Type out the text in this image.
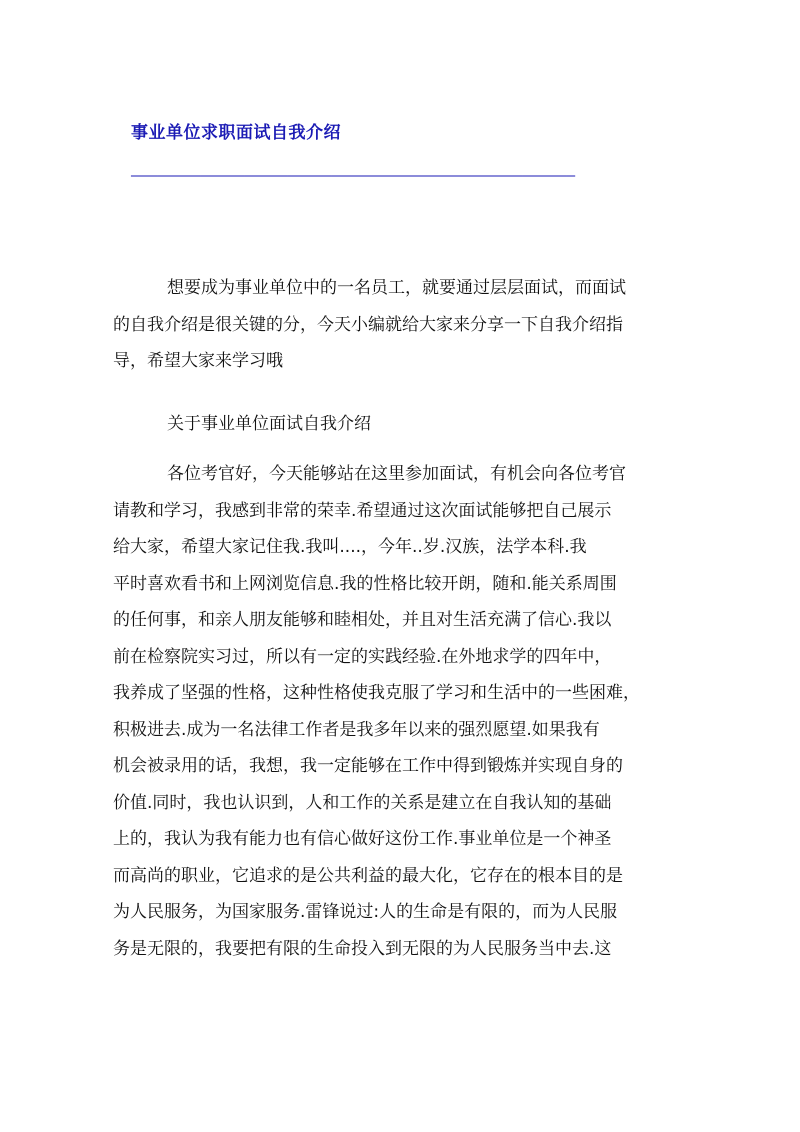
事业单位求职面试自我介绍
———————————————————————————————————————————————————
想要成为事业单位中的一名员工，就要通过层层面试，而面试
的自我介绍是很关键的分，今天小编就给大家来分享一下自我介绍指
导，希望大家来学习哦
关于事业单位面试自我介绍
各位考官好，今天能够站在这里参加面试，有机会向各位考官
请教和学习，我感到非常的荣幸.希望通过这次面试能够把自己展示
给大家，希望大家记住我.我叫....，今年..岁.汉族，法学本科.我
平时喜欢看书和上网浏览信息.我的性格比较开朗，随和.能关系周围
的任何事，和亲人朋友能够和睦相处，并且对生活充满了信心.我以
前在检察院实习过，所以有一定的实践经验.在外地求学的四年中，
我养成了坚强的性格，这种性格使我克服了学习和生活中的一些困难，
积极进去.成为一名法律工作者是我多年以来的强烈愿望.如果我有
机会被录用的话，我想，我一定能够在工作中得到锻炼并实现自身的
价值.同时，我也认识到，人和工作的关系是建立在自我认知的基础
上的，我认为我有能力也有信心做好这份工作.事业单位是一个神圣
而高尚的职业，它追求的是公共利益的最大化，它存在的根本目的是
为人民服务，为国家服务.雷锋说过:人的生命是有限的，而为人民服
务是无限的，我要把有限的生命投入到无限的为人民服务当中去.这
